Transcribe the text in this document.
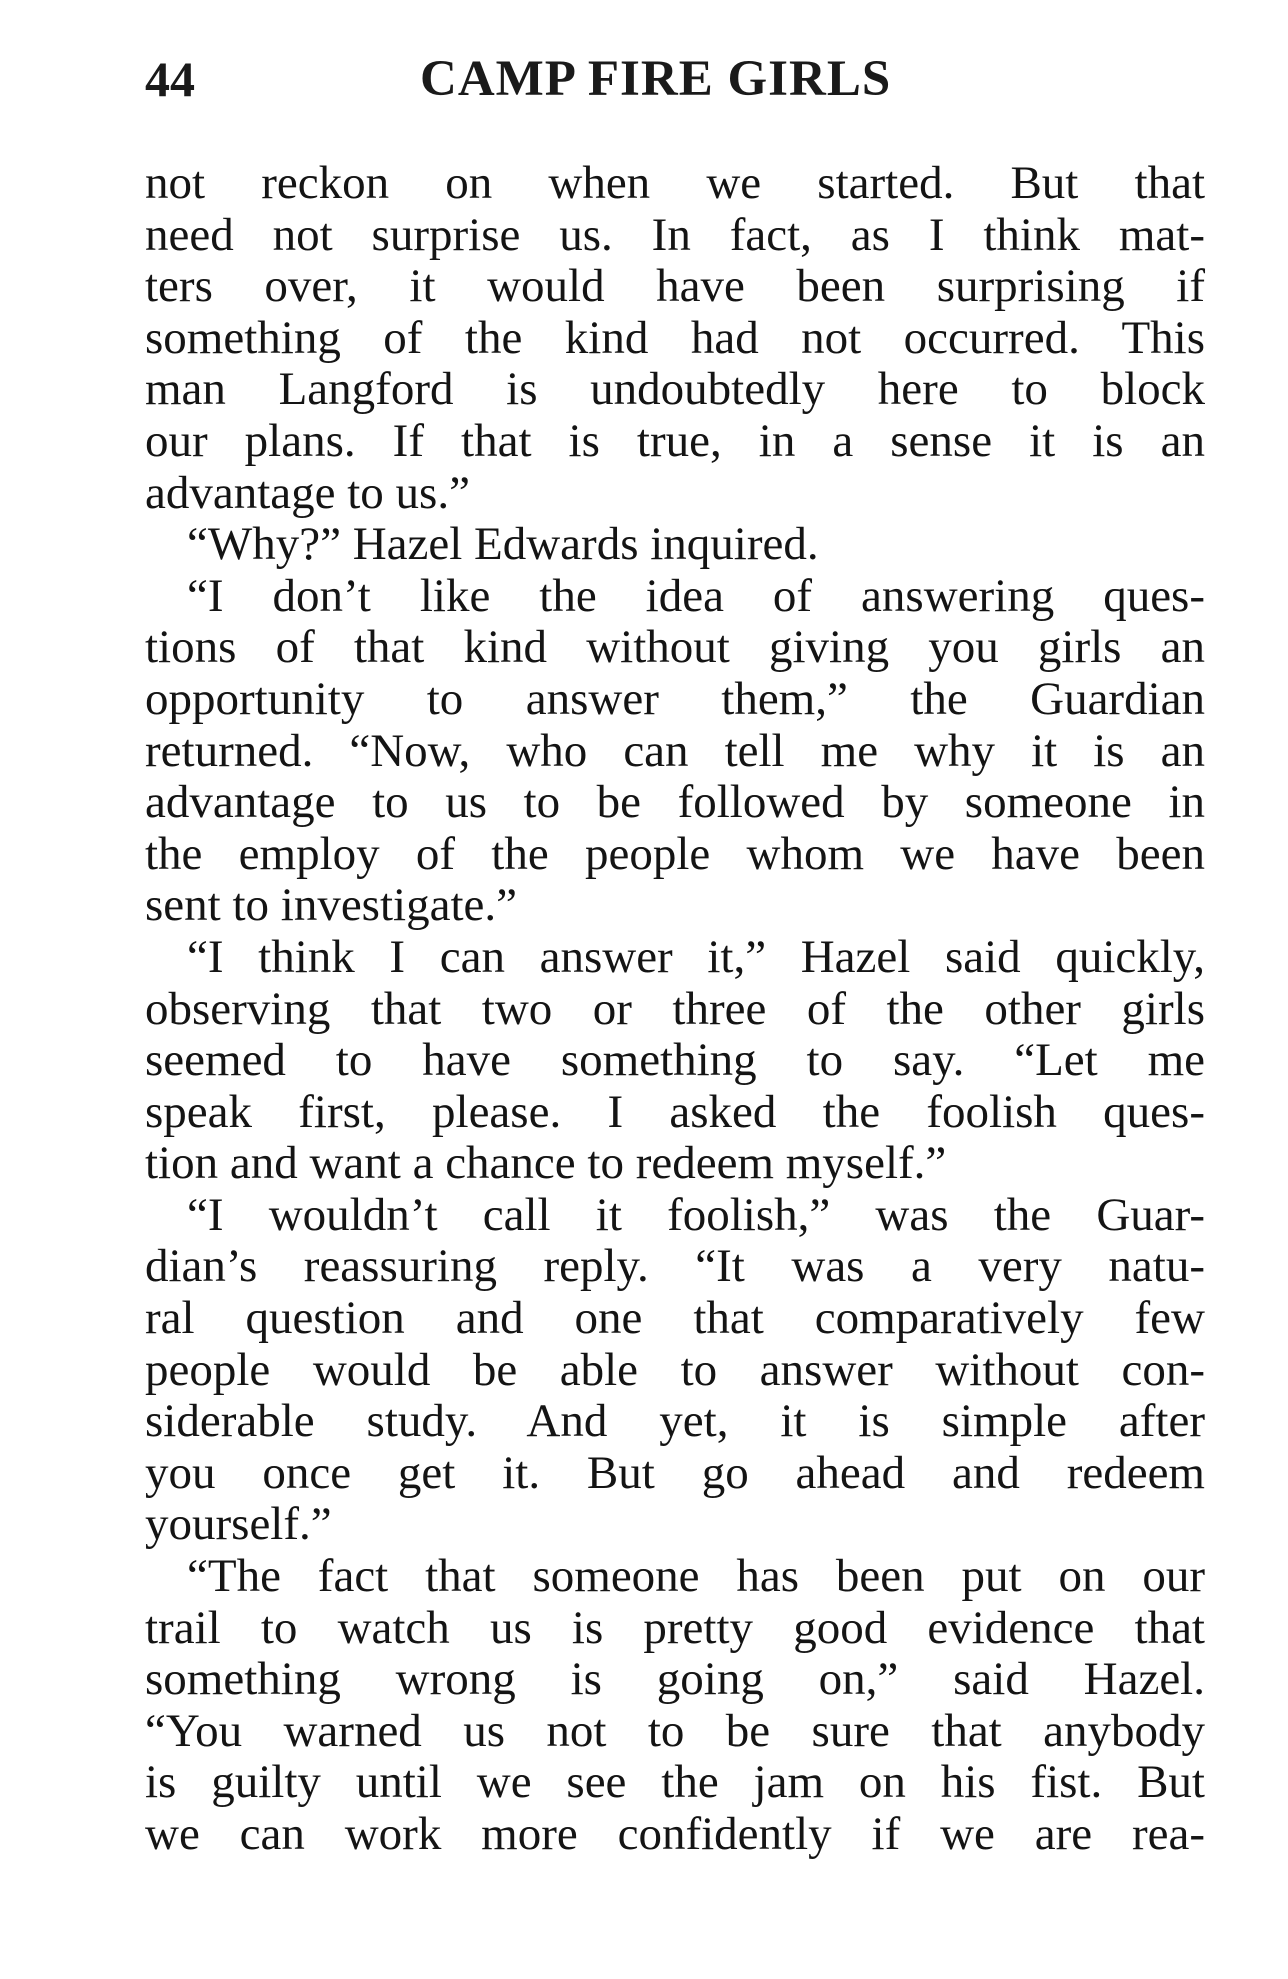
44	CAMP FIRE GIRLS
not reckon on when we started. But that
need not surprise us. In fact, as I think mat-
ters over, it would have been surprising if
something of the kind had not occurred. This
man Langford is undoubtedly here to block
our plans. If that is true, in a sense it is an
advantage to us.”
“Why?” Hazel Edwards inquired.
“I don’t like the idea of answering ques-
tions of that kind without giving you girls an
opportunity to answer them,” the Guardian
returned. “Now, who can tell me why it is an
advantage to us to be followed by someone in
the employ of the people whom we have been
sent to investigate.”
“I think I can answer it,” Hazel said quickly,
observing that two or three of the other girls
seemed to have something to say. “Let me
speak first, please. I asked the foolish ques-
tion and want a chance to redeem myself.”
“I wouldn’t call it foolish,” was the Guar-
dian’s reassuring reply. “It was a very natu-
ral question and one that comparatively few
people would be able to answer without con-
siderable study. And yet, it is simple after
you once get it. But go ahead and redeem
yourself.”
“The fact that someone has been put on our
trail to watch us is pretty good evidence that
something wrong is going on,” said Hazel.
“You warned us not to be sure that anybody
is guilty until we see the jam on his fist. But
we can work more confidently if we are rea-
